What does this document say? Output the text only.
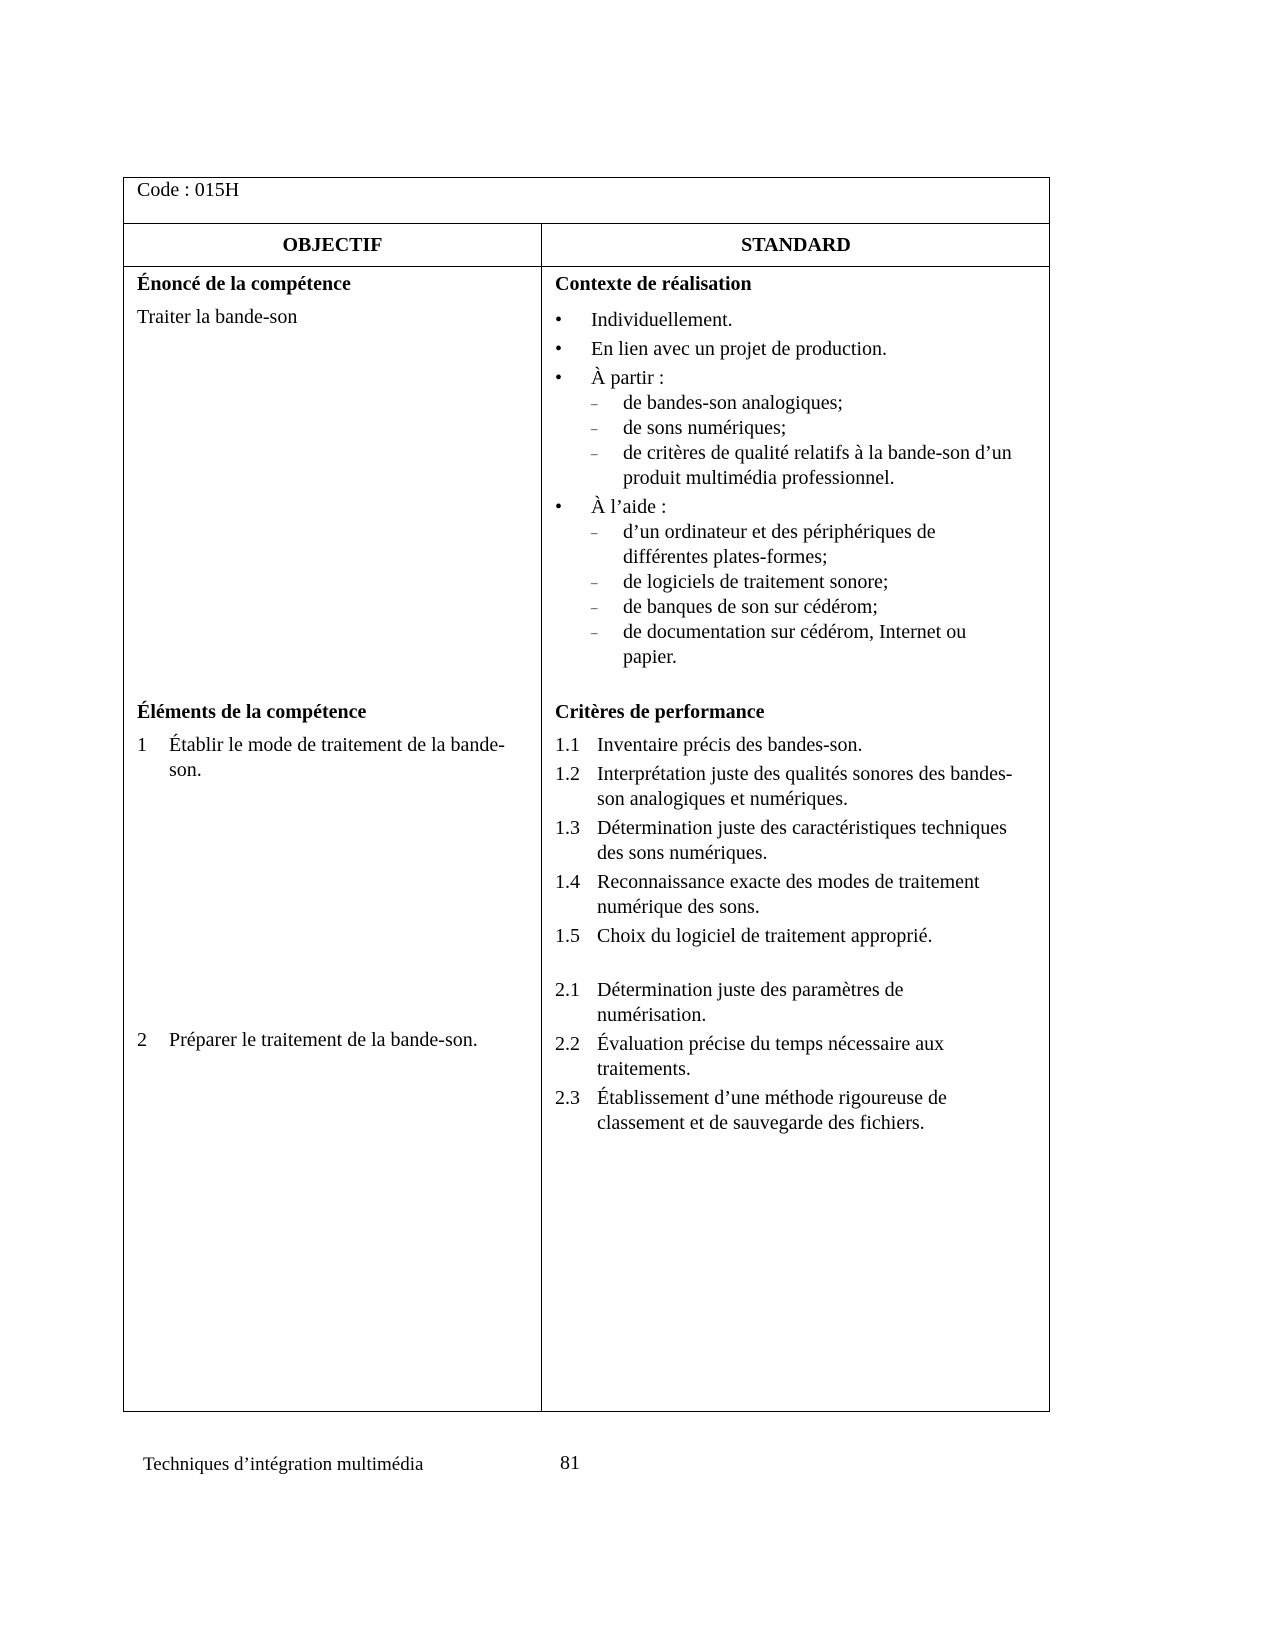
Code : 015H
OBJECTIF	STANDARD
Énoncé de la compétence
Traiter la bande-son
Contexte de réalisation
• Individuellement.
• En lien avec un projet de production.
• À partir :
– de bandes-son analogiques;
– de sons numériques;
– de critères de qualité relatifs à la bande-son d’un produit multimédia professionnel.
• À l’aide :
– d’un ordinateur et des périphériques de différentes plates-formes;
– de logiciels de traitement sonore;
– de banques de son sur cédérom;
– de documentation sur cédérom, Internet ou papier.
Éléments de la compétence
1 Établir le mode de traitement de la bande-son.
2 Préparer le traitement de la bande-son.
Critères de performance
1.1 Inventaire précis des bandes-son.
1.2 Interprétation juste des qualités sonores des bandes-son analogiques et numériques.
1.3 Détermination juste des caractéristiques techniques des sons numériques.
1.4 Reconnaissance exacte des modes de traitement numérique des sons.
1.5 Choix du logiciel de traitement approprié.
2.1 Détermination juste des paramètres de numérisation.
2.2 Évaluation précise du temps nécessaire aux traitements.
2.3 Établissement d’une méthode rigoureuse de classement et de sauvegarde des fichiers.
Techniques d’intégration multimédia	81
